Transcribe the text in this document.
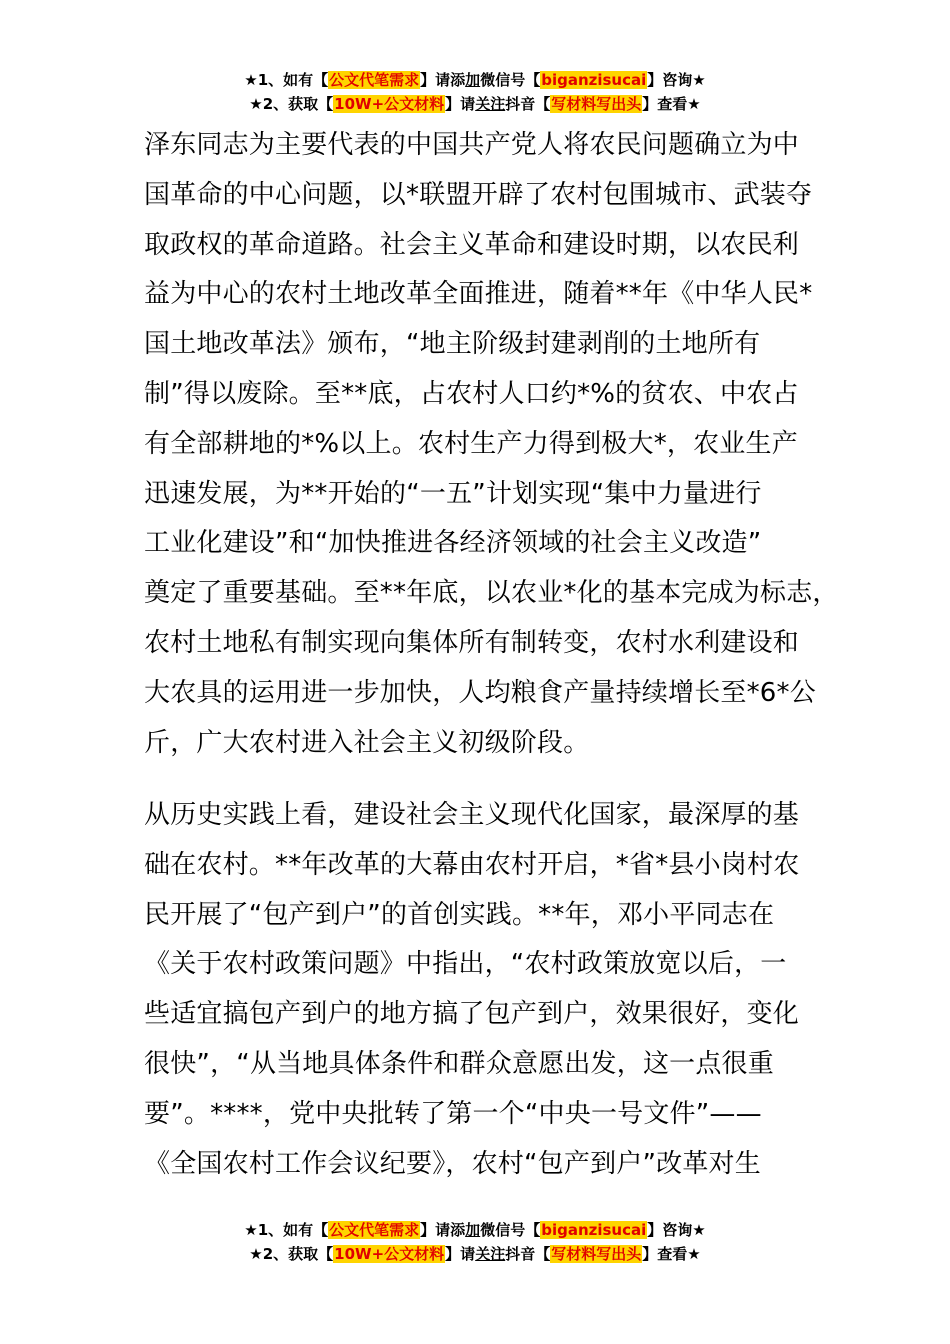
★1、如有【公文代笔需求】请添加微信号【biganzisucai】咨询★
★2、获取【10W+公文材料】请关注抖音【写材料写出头】查看★
泽东同志为主要代表的中国共产党人将农民问题确立为中
国革命的中心问题，以*联盟开辟了农村包围城市、武装夺
取政权的革命道路。社会主义革命和建设时期，以农民利
益为中心的农村土地改革全面推进，随着**年《中华人民*
国土地改革法》颁布，“地主阶级封建剥削的土地所有
制”得以废除。至**底，占农村人口约*%的贫农、中农占
有全部耕地的*%以上。农村生产力得到极大*，农业生产
迅速发展，为**开始的“一五”计划实现“集中力量进行
工业化建设”和“加快推进各经济领域的社会主义改造”
奠定了重要基础。至**年底，以农业*化的基本完成为标志，
农村土地私有制实现向集体所有制转变，农村水利建设和
大农具的运用进一步加快，人均粮食产量持续增长至*6*公
斤，广大农村进入社会主义初级阶段。
从历史实践上看，建设社会主义现代化国家，最深厚的基
础在农村。**年改革的大幕由农村开启，*省*县小岗村农
民开展了“包产到户”的首创实践。**年，邓小平同志在
《关于农村政策问题》中指出，“农村政策放宽以后，一
些适宜搞包产到户的地方搞了包产到户，效果很好，变化
很快”，“从当地具体条件和群众意愿出发，这一点很重
要”。****，党中央批转了第一个“中央一号文件”——
《全国农村工作会议纪要》，农村“包产到户”改革对生
★1、如有【公文代笔需求】请添加微信号【biganzisucai】咨询★
★2、获取【10W+公文材料】请关注抖音【写材料写出头】查看★
